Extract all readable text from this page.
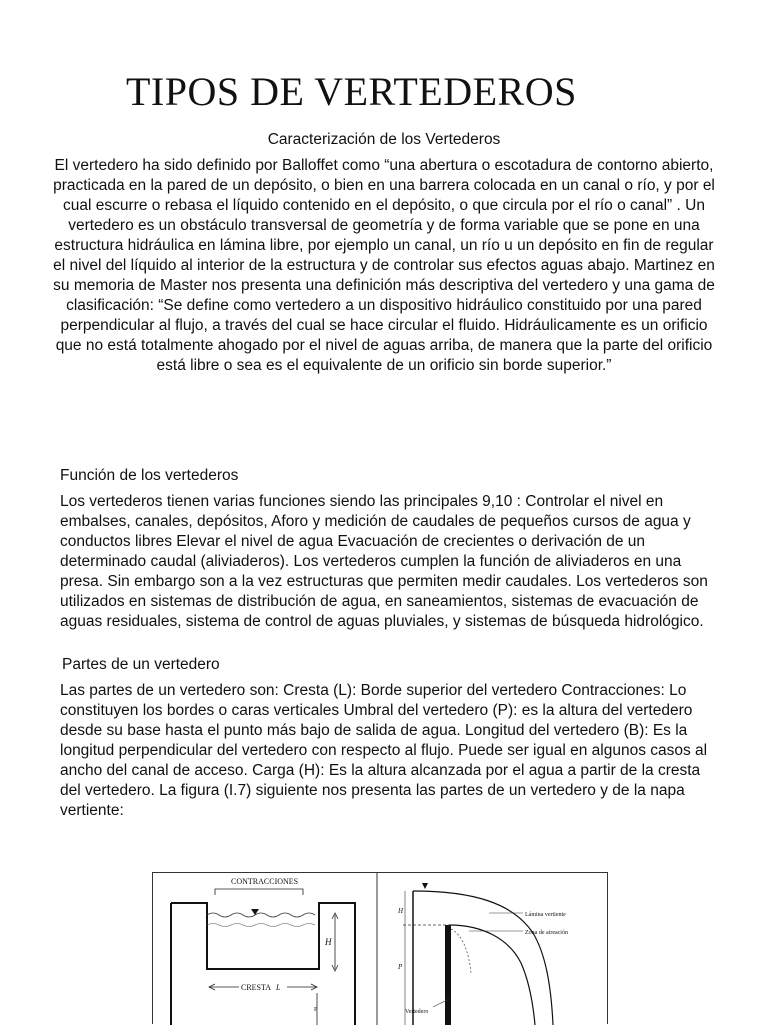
TIPOS DE VERTEDEROS
Caracterización de los Vertederos

El vertedero ha sido definido por Balloffet como “una abertura o escotadura de contorno abierto, practicada en la pared de un depósito, o bien en una barrera colocada en un canal o río, y por el cual escurre o rebasa el líquido contenido en el depósito, o que circula por el río o canal” . Un vertedero es un obstáculo transversal de geometría y de forma variable que se pone en una estructura hidráulica en lámina libre, por ejemplo un canal, un río u un depósito en fin de regular el nivel del líquido al interior de la estructura y de controlar sus efectos aguas abajo. Martinez en su memoria de Master nos presenta una definición más descriptiva del vertedero y una gama de clasificación: “Se define como vertedero a un dispositivo hidráulico constituido por una pared perpendicular al flujo, a través del cual se hace circular el fluido. Hidráulicamente es un orificio que no está totalmente ahogado por el nivel de aguas arriba, de manera que la parte del orificio está libre o sea es el equivalente de un orificio sin borde superior.”

Función de los vertederos

Los vertederos tienen varias funciones siendo las principales 9,10 : Controlar el nivel en embalses, canales, depósitos, Aforo y medición de caudales de pequeños cursos de agua y conductos libres Elevar el nivel de agua Evacuación de crecientes o derivación de un determinado caudal (aliviaderos). Los vertederos cumplen la función de aliviaderos en una presa. Sin embargo son a la vez estructuras que permiten medir caudales. Los vertederos son utilizados en sistemas de distribución de agua, en saneamientos, sistemas de evacuación de aguas residuales, sistema de control de aguas pluviales, y sistemas de búsqueda hidrológico.

Partes de un vertedero

Las partes de un vertedero son: Cresta (L): Borde superior del vertedero Contracciones: Lo constituyen los bordes o caras verticales Umbral del vertedero (P): es la altura del vertedero desde su base hasta el punto más bajo de salida de agua. Longitud del vertedero (B): Es la longitud perpendicular del vertedero con respecto al flujo. Puede ser igual en algunos casos al ancho del canal de acceso. Carga (H): Es la altura alcanzada por el agua a partir de la cresta del vertedero. La figura (I.7) siguiente nos presenta las partes de un vertedero y de la napa vertiente:

CONTRACCIONES
H
CRESTA L
P
H
P
Lámina vertiente
Zona de aireación
Vertedero
